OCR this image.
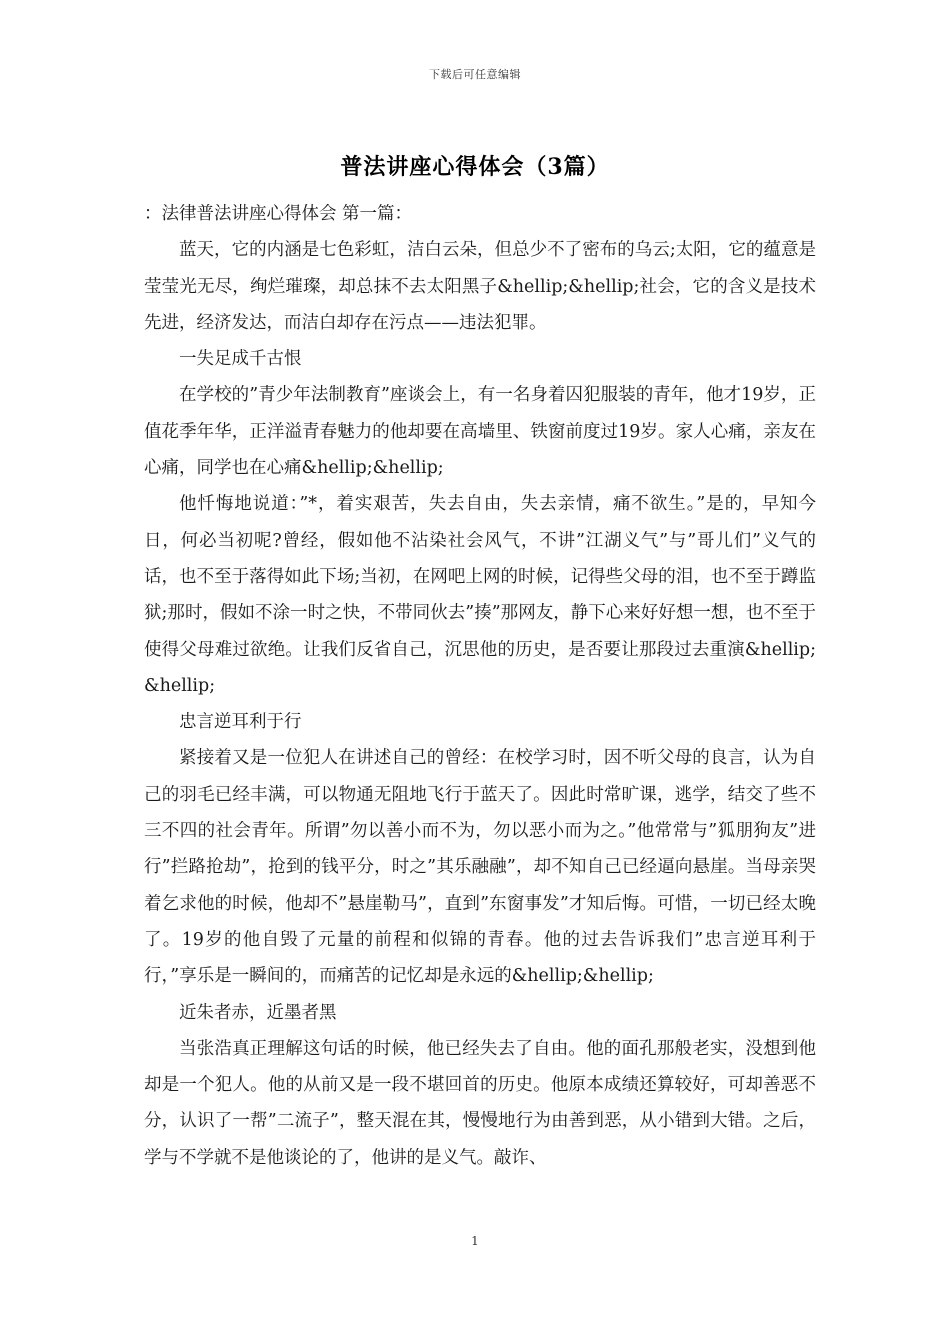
下载后可任意编辑
普法讲座心得体会（3篇）

：法律普法讲座心得体会 第一篇：

蓝天，它的内涵是七色彩虹，洁白云朵，但总少不了密布的乌云;太阳，它的蕴意是莹莹光无尽，绚烂璀璨，却总抹不去太阳黑子&hellip;&hellip;社会，它的含义是技术先进，经济发达，而洁白却存在污点——违法犯罪。

一失足成千古恨

在学校的”青少年法制教育”座谈会上，有一名身着囚犯服装的青年，他才19岁，正值花季年华，正洋溢青春魅力的他却要在高墙里、铁窗前度过19岁。家人心痛，亲友在心痛，同学也在心痛&hellip;&hellip;

他忏悔地说道：”*，着实艰苦，失去自由，失去亲情，痛不欲生。”是的，早知今日，何必当初呢?曾经，假如他不沾染社会风气，不讲”江湖义气”与”哥儿们”义气的话，也不至于落得如此下场;当初，在网吧上网的时候，记得些父母的泪，也不至于蹲监狱;那时，假如不涂一时之快，不带同伙去”揍”那网友，静下心来好好想一想，也不至于使得父母难过欲绝。让我们反省自己，沉思他的历史，是否要让那段过去重演&hellip;&hellip;

忠言逆耳利于行

紧接着又是一位犯人在讲述自己的曾经：在校学习时，因不听父母的良言，认为自己的羽毛已经丰满，可以物通无阻地飞行于蓝天了。因此时常旷课，逃学，结交了些不三不四的社会青年。所谓”勿以善小而不为，勿以恶小而为之。”他常常与”狐朋狗友”进行”拦路抢劫”，抢到的钱平分，时之”其乐融融”，却不知自己已经逼向悬崖。当母亲哭着乞求他的时候，他却不”悬崖勒马”，直到”东窗事发”才知后悔。可惜，一切已经太晚了。19岁的他自毁了元量的前程和似锦的青春。他的过去告诉我们”忠言逆耳利于行，”享乐是一瞬间的，而痛苦的记忆却是永远的&hellip;&hellip;

近朱者赤，近墨者黑

当张浩真正理解这句话的时候，他已经失去了自由。他的面孔那般老实，没想到他却是一个犯人。他的从前又是一段不堪回首的历史。他原本成绩还算较好，可却善恶不分，认识了一帮”二流子”，整天混在其，慢慢地行为由善到恶，从小错到大错。之后，学与不学就不是他谈论的了，他讲的是义气。敲诈、

1
